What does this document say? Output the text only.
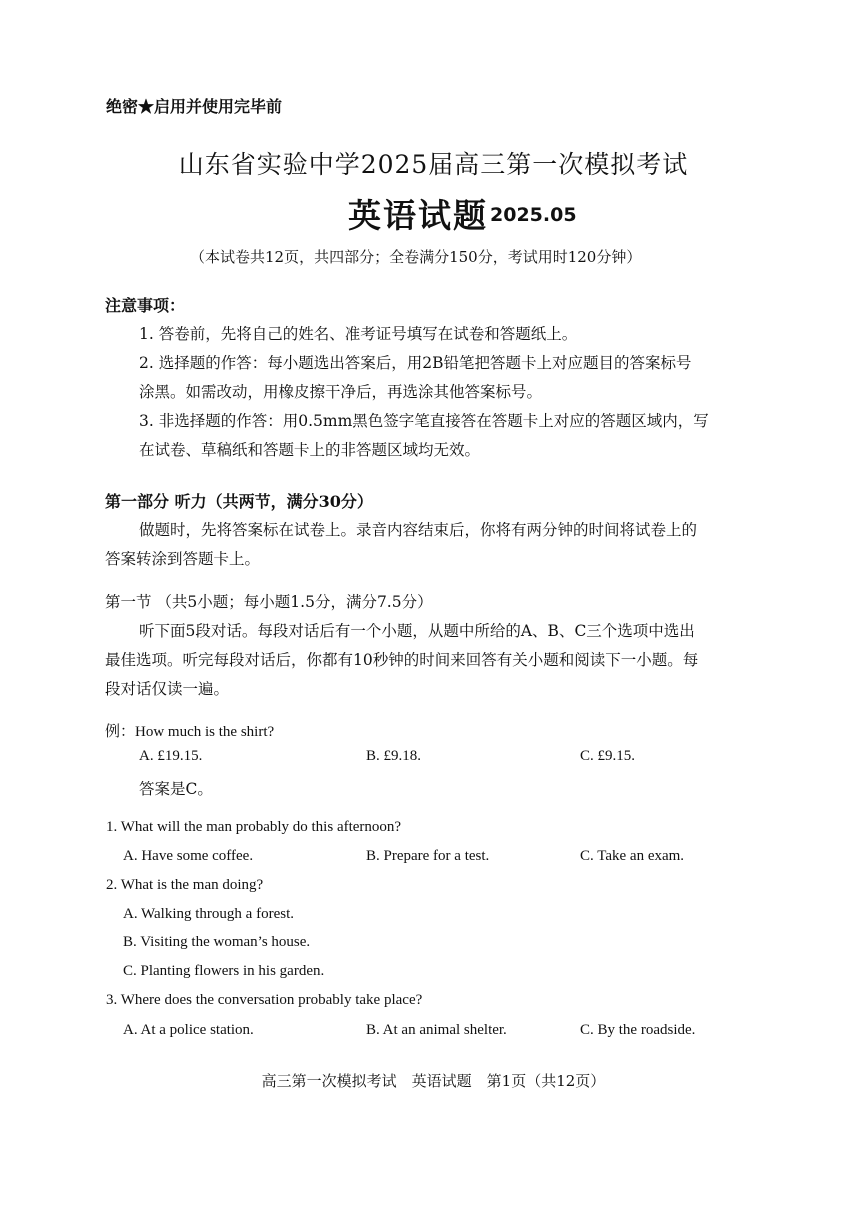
绝密★启用并使用完毕前
山东省实验中学2025届高三第一次模拟考试
英语试题 2025.05
（本试卷共12页，共四部分；全卷满分150分，考试用时120分钟）
注意事项：
1. 答卷前，先将自己的姓名、准考证号填写在试卷和答题纸上。
2. 选择题的作答：每小题选出答案后，用2B铅笔把答题卡上对应题目的答案标号
涂黑。如需改动，用橡皮擦干净后，再选涂其他答案标号。
3. 非选择题的作答：用0.5mm黑色签字笔直接答在答题卡上对应的答题区域内，写
在试卷、草稿纸和答题卡上的非答题区域均无效。
第一部分 听力（共两节，满分30分）
做题时，先将答案标在试卷上。录音内容结束后，你将有两分钟的时间将试卷上的
答案转涂到答题卡上。
第一节 （共5小题；每小题1.5分，满分7.5分）
听下面5段对话。每段对话后有一个小题，从题中所给的A、B、C三个选项中选出
最佳选项。听完每段对话后，你都有10秒钟的时间来回答有关小题和阅读下一小题。每
段对话仅读一遍。
例：How much is the shirt?
A. £19.15.	B. £9.18.	C. £9.15.
答案是C。
1. What will the man probably do this afternoon?
A. Have some coffee.	B. Prepare for a test.	C. Take an exam.
2. What is the man doing?
A. Walking through a forest.
B. Visiting the woman’s house.
C. Planting flowers in his garden.
3. Where does the conversation probably take place?
A. At a police station.	B. At an animal shelter.	C. By the roadside.
高三第一次模拟考试　英语试题　第1页（共12页）
